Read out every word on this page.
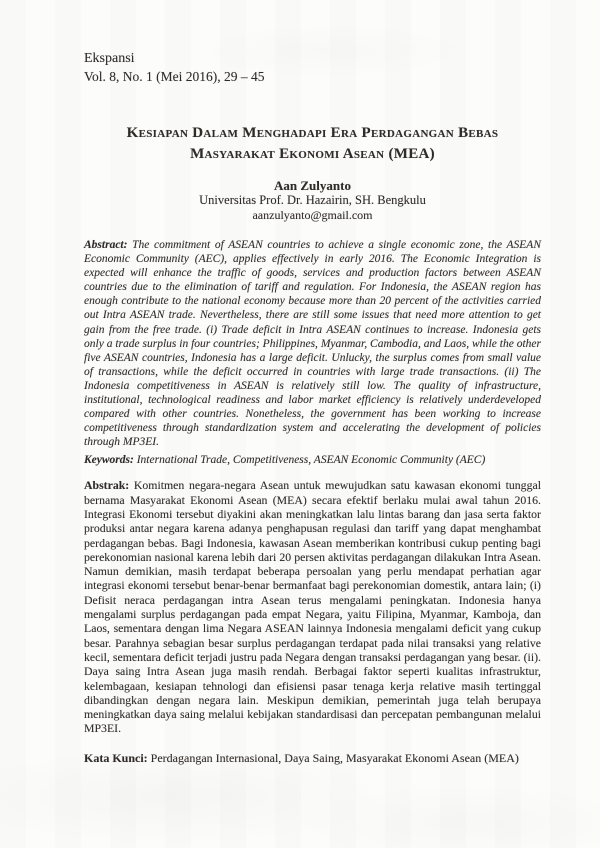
Ekspansi
Vol. 8, No. 1 (Mei 2016), 29 – 45
Kesiapan Dalam Menghadapi Era Perdagangan Bebas
Masyarakat Ekonomi Asean (MEA)
Aan Zulyanto
Universitas Prof. Dr. Hazairin, SH. Bengkulu
aanzulyanto@gmail.com

Abstract: The commitment of ASEAN countries to achieve a single economic zone, the ASEAN Economic Community (AEC), applies effectively in early 2016. The Economic Integration is expected will enhance the traffic of goods, services and production factors between ASEAN countries due to the elimination of tariff and regulation. For Indonesia, the ASEAN region has enough contribute to the national economy because more than 20 percent of the activities carried out Intra ASEAN trade. Nevertheless, there are still some issues that need more attention to get gain from the free trade. (i) Trade deficit in Intra ASEAN continues to increase. Indonesia gets only a trade surplus in four countries; Philippines, Myanmar, Cambodia, and Laos, while the other five ASEAN countries, Indonesia has a large deficit. Unlucky, the surplus comes from small value of transactions, while the deficit occurred in countries with large trade transactions. (ii) The Indonesia competitiveness in ASEAN is relatively still low. The quality of infrastructure, institutional, technological readiness and labor market efficiency is relatively underdeveloped compared with other countries. Nonetheless, the government has been working to increase competitiveness through standardization system and accelerating the development of policies through MP3EI.

Keywords: International Trade, Competitiveness, ASEAN Economic Community (AEC)

Abstrak: Komitmen negara-negara Asean untuk mewujudkan satu kawasan ekonomi tunggal bernama Masyarakat Ekonomi Asean (MEA) secara efektif berlaku mulai awal tahun 2016. Integrasi Ekonomi tersebut diyakini akan meningkatkan lalu lintas barang dan jasa serta faktor produksi antar negara karena adanya penghapusan regulasi dan tariff yang dapat menghambat perdagangan bebas. Bagi Indonesia, kawasan Asean memberikan kontribusi cukup penting bagi perekonomian nasional karena lebih dari 20 persen aktivitas perdagangan dilakukan Intra Asean. Namun demikian, masih terdapat beberapa persoalan yang perlu mendapat perhatian agar integrasi ekonomi tersebut benar-benar bermanfaat bagi perekonomian domestik, antara lain; (i) Defisit neraca perdagangan intra Asean terus mengalami peningkatan. Indonesia hanya mengalami surplus perdagangan pada empat Negara, yaitu Filipina, Myanmar, Kamboja, dan Laos, sementara dengan lima Negara ASEAN lainnya Indonesia mengalami deficit yang cukup besar. Parahnya sebagian besar surplus perdagangan terdapat pada nilai transaksi yang relative kecil, sementara deficit terjadi justru pada Negara dengan transaksi perdagangan yang besar. (ii). Daya saing Intra Asean juga masih rendah. Berbagai faktor seperti kualitas infrastruktur, kelembagaan, kesiapan tehnologi dan efisiensi pasar tenaga kerja relative masih tertinggal dibandingkan dengan negara lain. Meskipun demikian, pemerintah juga telah berupaya meningkatkan daya saing melalui kebijakan standardisasi dan percepatan pembangunan melalui MP3EI.

Kata Kunci: Perdagangan Internasional, Daya Saing, Masyarakat Ekonomi Asean (MEA)
